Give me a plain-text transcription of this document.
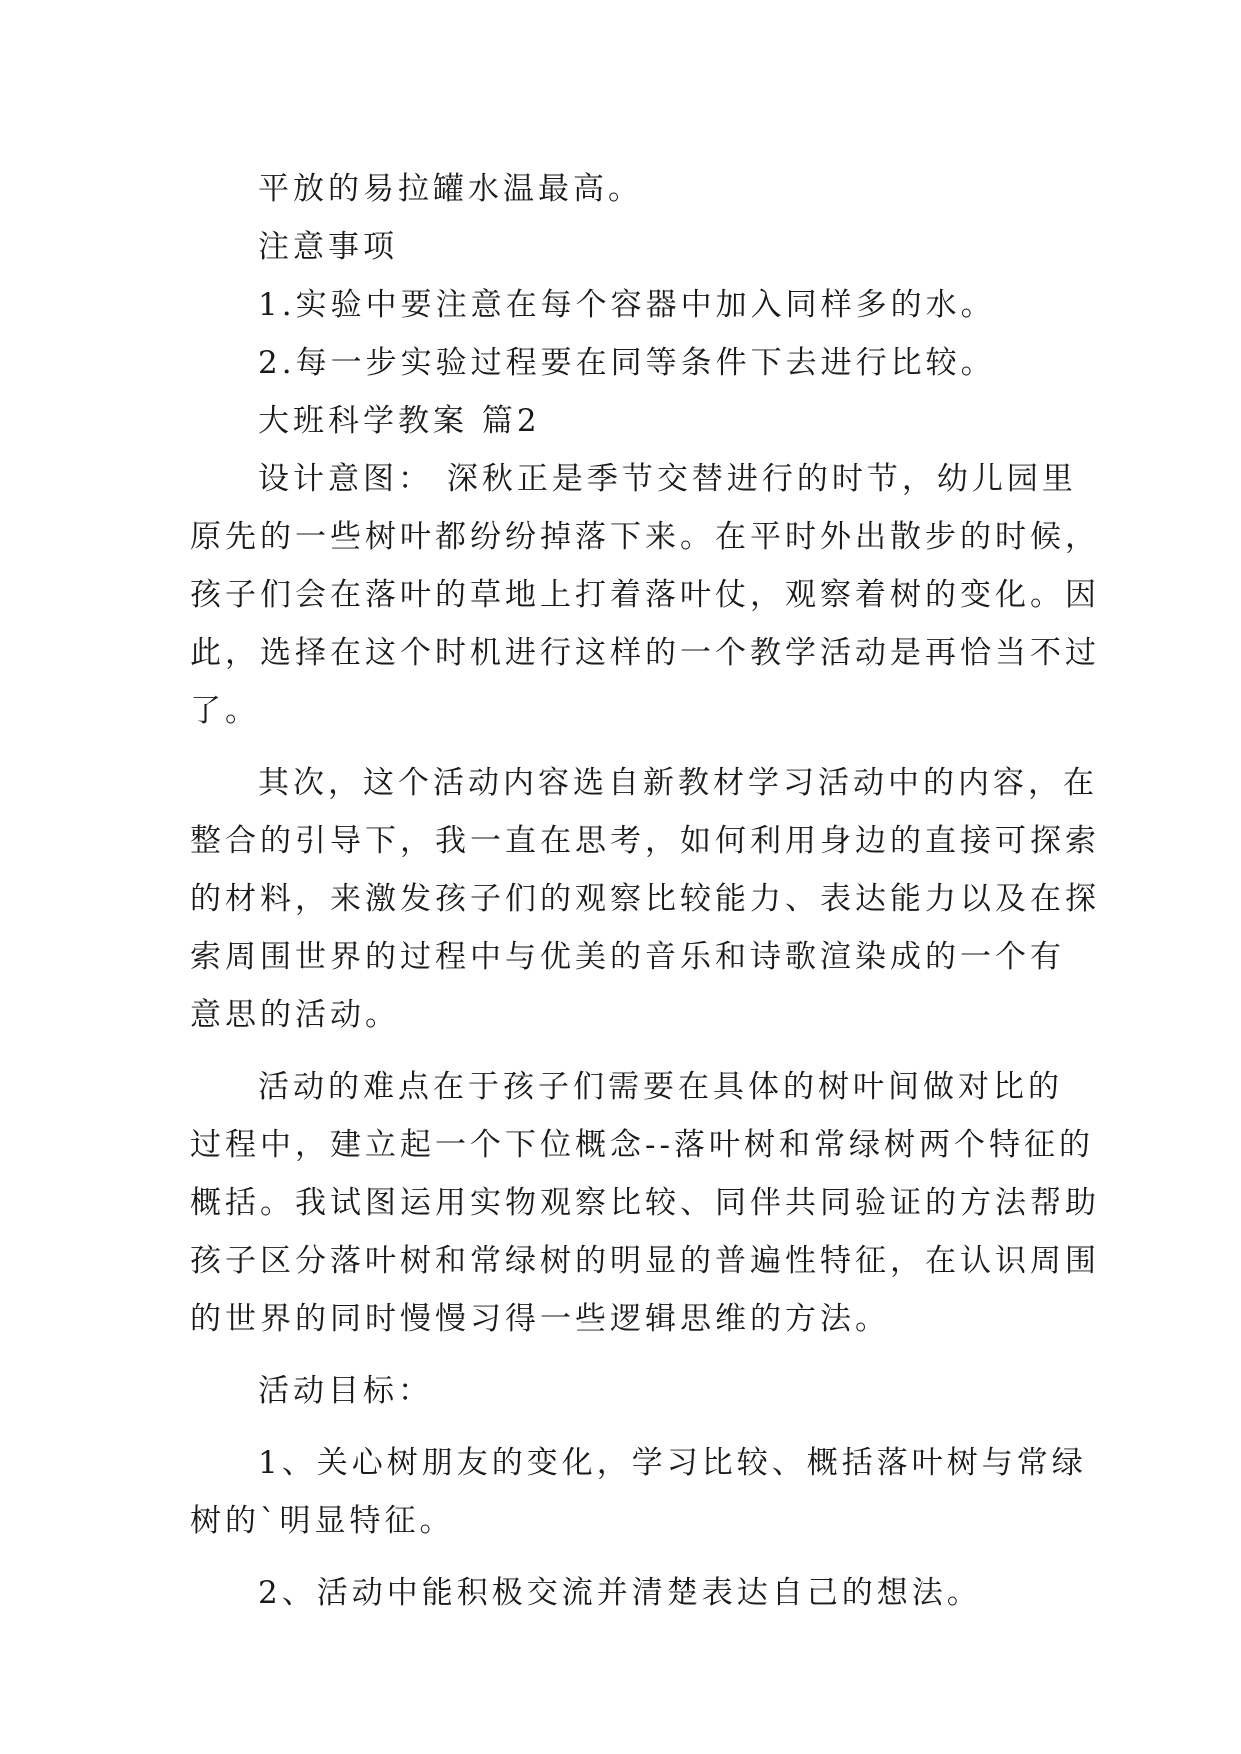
平放的易拉罐水温最高。

注意事项

1.实验中要注意在每个容器中加入同样多的水。

2.每一步实验过程要在同等条件下去进行比较。

大班科学教案 篇2

设计意图： 深秋正是季节交替进行的时节，幼儿园里

原先的一些树叶都纷纷掉落下来。在平时外出散步的时候，

孩子们会在落叶的草地上打着落叶仗，观察着树的变化。因

此，选择在这个时机进行这样的一个教学活动是再恰当不过

了。

其次，这个活动内容选自新教材学习活动中的内容，在

整合的引导下，我一直在思考，如何利用身边的直接可探索

的材料，来激发孩子们的观察比较能力、表达能力以及在探

索周围世界的过程中与优美的音乐和诗歌渲染成的一个有

意思的活动。

活动的难点在于孩子们需要在具体的树叶间做对比的

过程中，建立起一个下位概念--落叶树和常绿树两个特征的

概括。我试图运用实物观察比较、同伴共同验证的方法帮助

孩子区分落叶树和常绿树的明显的普遍性特征，在认识周围

的世界的同时慢慢习得一些逻辑思维的方法。

活动目标：

1、关心树朋友的变化，学习比较、概括落叶树与常绿

树的`明显特征。

2、活动中能积极交流并清楚表达自己的想法。
